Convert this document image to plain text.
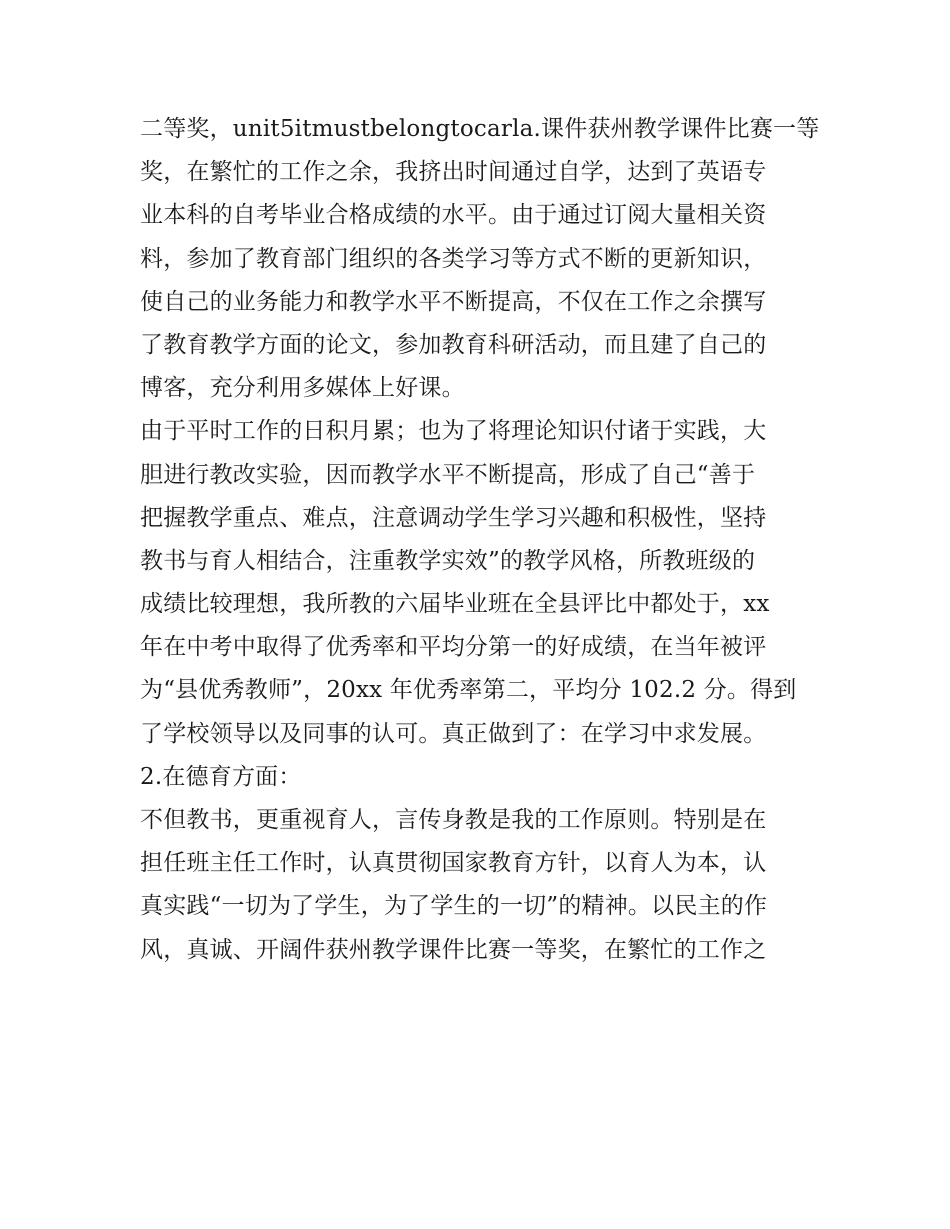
二等奖，unit5itmustbelongtocarla.课件获州教学课件比赛一等
奖，在繁忙的工作之余，我挤出时间通过自学，达到了英语专
业本科的自考毕业合格成绩的水平。由于通过订阅大量相关资
料，参加了教育部门组织的各类学习等方式不断的更新知识，
使自己的业务能力和教学水平不断提高，不仅在工作之余撰写
了教育教学方面的论文，参加教育科研活动，而且建了自己的
博客，充分利用多媒体上好课。
由于平时工作的日积月累；也为了将理论知识付诸于实践，大
胆进行教改实验，因而教学水平不断提高，形成了自己“善于
把握教学重点、难点，注意调动学生学习兴趣和积极性，坚持
教书与育人相结合，注重教学实效”的教学风格，所教班级的
成绩比较理想，我所教的六届毕业班在全县评比中都处于，xx
年在中考中取得了优秀率和平均分第一的好成绩，在当年被评
为“县优秀教师”，20xx 年优秀率第二，平均分 102.2 分。得到
了学校领导以及同事的认可。真正做到了：在学习中求发展。
2.在德育方面：
不但教书，更重视育人，言传身教是我的工作原则。特别是在
担任班主任工作时，认真贯彻国家教育方针，以育人为本，认
真实践“一切为了学生，为了学生的一切”的精神。以民主的作
风，真诚、开阔件获州教学课件比赛一等奖，在繁忙的工作之
